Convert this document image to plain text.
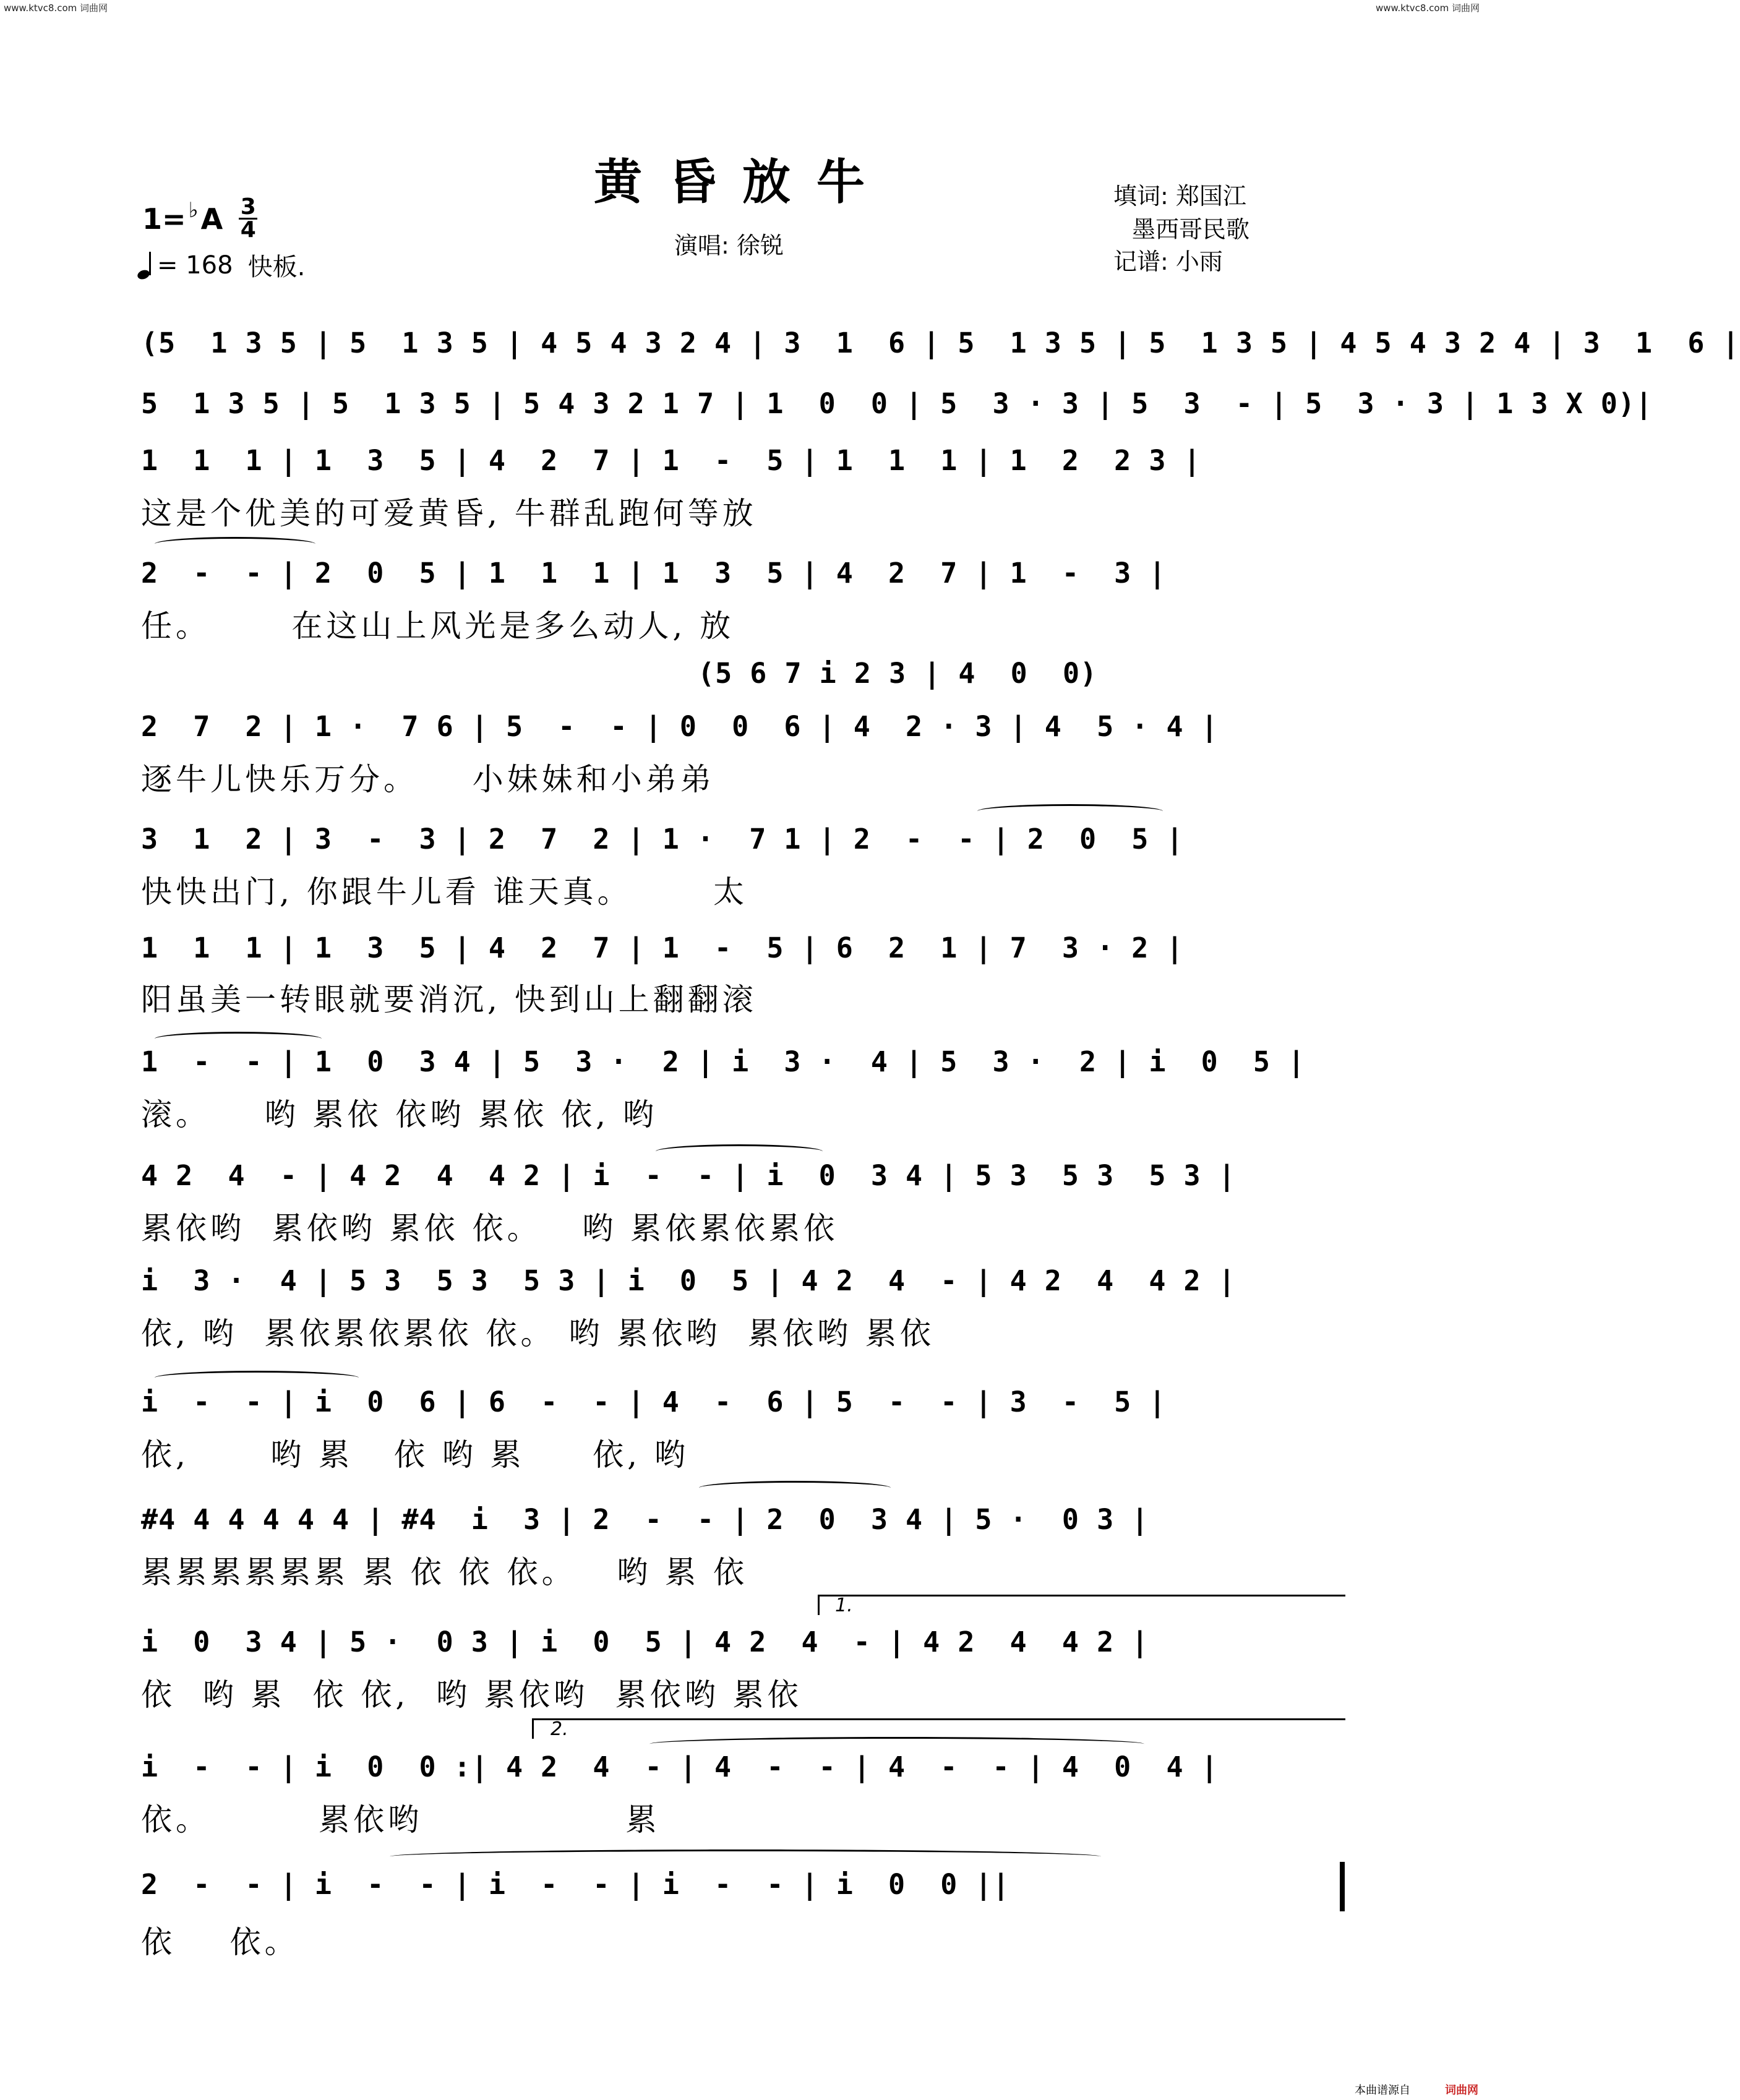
www.ktvc8.com 词曲网	www.ktvc8.com 词曲网
黄昏放牛	填词: 郑国江
墨西哥民歌
记谱: 小雨
演唱: 徐锐
1= ♭ A 3
4
= 168 快板.
(5  1 3 5 | 5  1 3 5 | 4 5 4 3 2 4 | 3  1  6 | 5  1 3 5 | 5  1 3 5 | 4 5 4 3 2 4 | 3  1  6 |
5  1 3 5 | 5  1 3 5 | 5 4 3 2 1 7 | 1  0  0 | 5  3 · 3 | 5  3  - | 5  3 · 3 | 1 3 X 0)|
1  1  1 | 1  3  5 | 4  2  7 | 1  -  5 | 1  1  1 | 1  2  2 3 |
这是个优美的可爱黄昏, 牛群乱跑何等放
2  -  - | 2  0  5 | 1  1  1 | 1  3  5 | 4  2  7 | 1  -  3 |
任。      在这山上风光是多么动人, 放
(5 6 7 i 2 3 | 4  0  0)
2  7  2 | 1 ·  7 6 | 5  -  - | 0  0  6 | 4  2 · 3 | 4  5 · 4 |
逐牛儿快乐万分。    小妹妹和小弟弟
3  1  2 | 3  -  3 | 2  7  2 | 1 ·  7 1 | 2  -  - | 2  0  5 |
快快出门, 你跟牛儿看 谁天真。      太
1  1  1 | 1  3  5 | 4  2  7 | 1  -  5 | 6  2  1 | 7  3 · 2 |
阳虽美一转眼就要消沉, 快到山上翻翻滚
1  -  - | 1  0  3 4 | 5  3 ·  2 | i  3 ·  4 | 5  3 ·  2 | i  0  5 |
滚。    哟 累依 依哟 累依 依, 哟
4 2  4  - | 4 2  4  4 2 | i  -  - | i  0  3 4 | 5 3  5 3  5 3 |
累依哟  累依哟 累依 依。   哟 累依累依累依
i  3 ·  4 | 5 3  5 3  5 3 | i  0  5 | 4 2  4  - | 4 2  4  4 2 |
依, 哟  累依累依累依 依。 哟 累依哟  累依哟 累依
i  -  - | i  0  6 | 6  -  - | 4  -  6 | 5  -  - | 3  -  5 |
依,      哟 累   依 哟 累     依, 哟
#4 4 4 4 4 4 | #4  i  3 | 2  -  - | 2  0  3 4 | 5 ·  0 3 |
累累累累累累 累 依 依 依。   哟 累 依
1.
i  0  3 4 | 5 ·  0 3 | i  0  5 | 4 2  4  - | 4 2  4  4 2 |
依  哟 累  依 依,  哟 累依哟  累依哟 累依
2.
i  -  - | i  0  0 :| 4 2  4  - | 4  -  - | 4  -  - | 4  0  4 |
依。        累依哟               累
2  -  - | i  -  - | i  -  - | i  -  - | i  0  0 ||
依    依。
本曲谱源自	词曲网
